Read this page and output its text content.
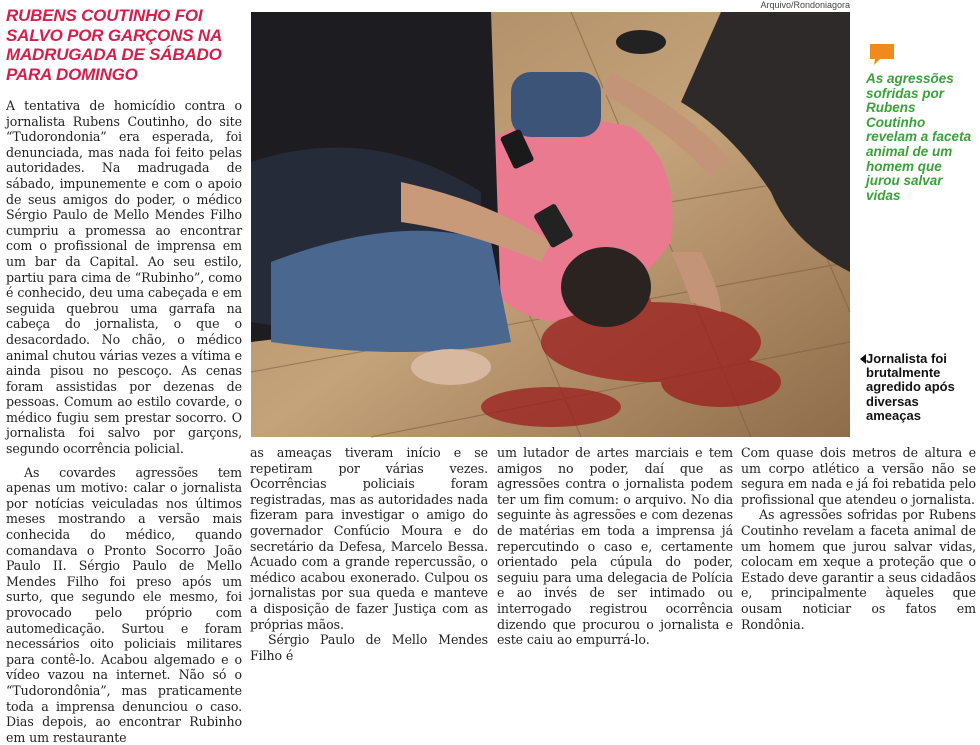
RUBENS COUTINHO FOI SALVO POR GARÇONS NA MADRUGADA DE SÁBADO PARA DOMINGO

A tentativa de homicídio contra o jornalista Rubens Coutinho, do site “Tudorondonia” era esperada, foi denunciada, mas nada foi feito pelas autoridades. Na madrugada de sábado, impunemente e com o apoio de seus amigos do poder, o médico Sérgio Paulo de Mello Mendes Filho cumpriu a promessa ao encontrar com o profissional de imprensa em um bar da Capital. Ao seu estilo, partiu para cima de “Rubinho”, como é conhecido, deu uma cabeçada e em seguida quebrou uma garrafa na cabeça do jornalista, o que o desacordado. No chão, o médico animal chutou várias vezes a vítima e ainda pisou no pescoço. As cenas foram assistidas por dezenas de pessoas. Comum ao estilo covarde, o médico fugiu sem prestar socorro. O jornalista foi salvo por garçons, segundo ocorrência policial.

As covardes agressões tem apenas um motivo: calar o jornalista por notícias veiculadas nos últimos meses mostrando a versão mais conhecida do médico, quando comandava o Pronto Socorro João Paulo II. Sérgio Paulo de Mello Mendes Filho foi preso após um surto, que segundo ele mesmo, foi provocado pelo próprio com automedicação. Surtou e foram necessários oito policiais militares para contê-lo. Acabou algemado e o vídeo vazou na internet. Não só o “Tudorondônia”, mas praticamente toda a imprensa denunciou o caso. Dias depois, ao encontrar Rubinho em um restaurante

Arquivo/Rondoniagora
As agressões sofridas por Rubens Coutinho revelam a faceta animal de um homem que jurou salvar vidas
Jornalista foi brutalmente agredido após diversas ameaças

as ameaças tiveram início e se repetiram por várias vezes. Ocorrências policiais foram registradas, mas as autoridades nada fizeram para investigar o amigo do governador Confúcio Moura e do secretário da Defesa, Marcelo Bessa. Acuado com a grande repercussão, o médico acabou exonerado. Culpou os jornalistas por sua queda e manteve a disposição de fazer Justiça com as próprias mãos.

Sérgio Paulo de Mello Mendes Filho é

um lutador de artes marciais e tem amigos no poder, daí que as agressões contra o jornalista podem ter um fim comum: o arquivo. No dia seguinte às agressões e com dezenas de matérias em toda a imprensa já repercutindo o caso e, certamente orientado pela cúpula do poder, seguiu para uma delegacia de Polícia e ao invés de ser intimado ou interrogado registrou ocorrência dizendo que procurou o jornalista e este caiu ao empurrá-lo.

Com quase dois metros de altura e um corpo atlético a versão não se segura em nada e já foi rebatida pelo profissional que atendeu o jornalista.

As agressões sofridas por Rubens Coutinho revelam a faceta animal de um homem que jurou salvar vidas, colocam em xeque a proteção que o Estado deve garantir a seus cidadãos e, principalmente àqueles que ousam noticiar os fatos em Rondônia.
